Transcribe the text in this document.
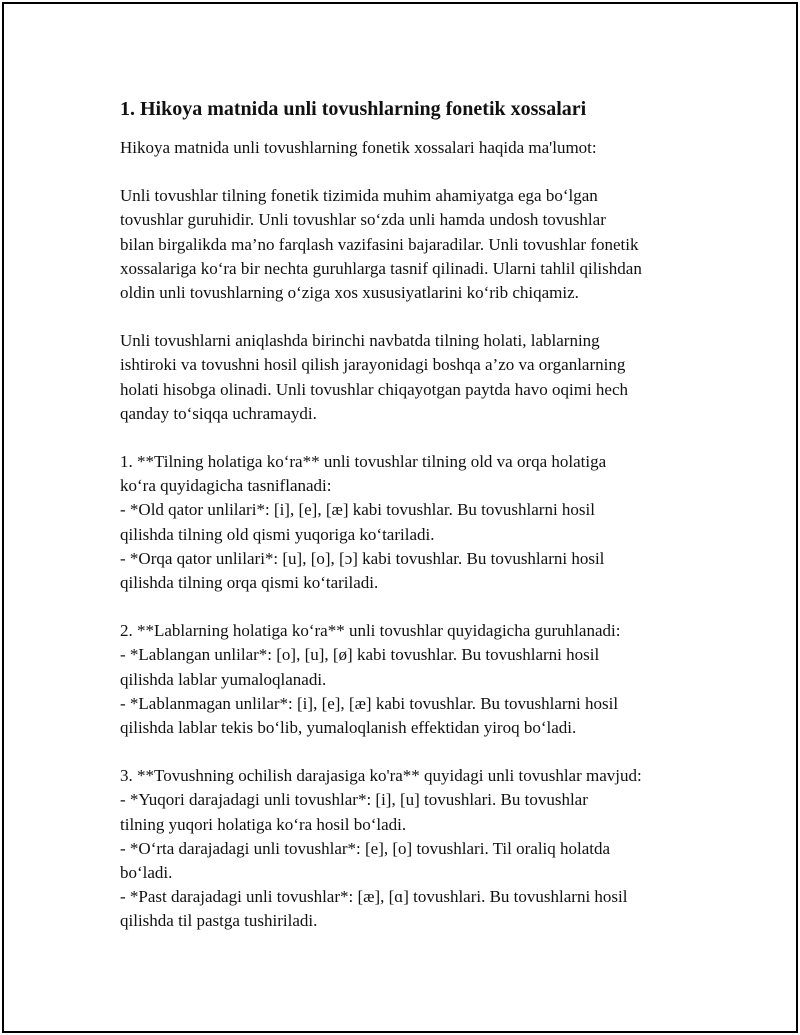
1. Hikoya matnida unli tovushlarning fonetik xossalari

Hikoya matnida unli tovushlarning fonetik xossalari haqida ma'lumot:

Unli tovushlar tilning fonetik tizimida muhim ahamiyatga ega bo‘lgan
tovushlar guruhidir. Unli tovushlar so‘zda unli hamda undosh tovushlar
bilan birgalikda ma’no farqlash vazifasini bajaradilar. Unli tovushlar fonetik
xossalariga ko‘ra bir nechta guruhlarga tasnif qilinadi. Ularni tahlil qilishdan
oldin unli tovushlarning o‘ziga xos xususiyatlarini ko‘rib chiqamiz.

Unli tovushlarni aniqlashda birinchi navbatda tilning holati, lablarning
ishtiroki va tovushni hosil qilish jarayonidagi boshqa a’zo va organlarning
holati hisobga olinadi. Unli tovushlar chiqayotgan paytda havo oqimi hech
qanday to‘siqqa uchramaydi.

1. **Tilning holatiga ko‘ra** unli tovushlar tilning old va orqa holatiga
ko‘ra quyidagicha tasniflanadi:
- *Old qator unlilari*: [i], [e], [æ] kabi tovushlar. Bu tovushlarni hosil
qilishda tilning old qismi yuqoriga ko‘tariladi.
- *Orqa qator unlilari*: [u], [o], [ɔ] kabi tovushlar. Bu tovushlarni hosil
qilishda tilning orqa qismi ko‘tariladi.

2. **Lablarning holatiga ko‘ra** unli tovushlar quyidagicha guruhlanadi:
- *Lablangan unlilar*: [o], [u], [ø] kabi tovushlar. Bu tovushlarni hosil
qilishda lablar yumaloqlanadi.
- *Lablanmagan unlilar*: [i], [e], [æ] kabi tovushlar. Bu tovushlarni hosil
qilishda lablar tekis bo‘lib, yumaloqlanish effektidan yiroq bo‘ladi.

3. **Tovushning ochilish darajasiga ko'ra** quyidagi unli tovushlar mavjud:
- *Yuqori darajadagi unli tovushlar*: [i], [u] tovushlari. Bu tovushlar
tilning yuqori holatiga ko‘ra hosil bo‘ladi.
- *O‘rta darajadagi unli tovushlar*: [e], [o] tovushlari. Til oraliq holatda
bo‘ladi.
- *Past darajadagi unli tovushlar*: [æ], [ɑ] tovushlari. Bu tovushlarni hosil
qilishda til pastga tushiriladi.
